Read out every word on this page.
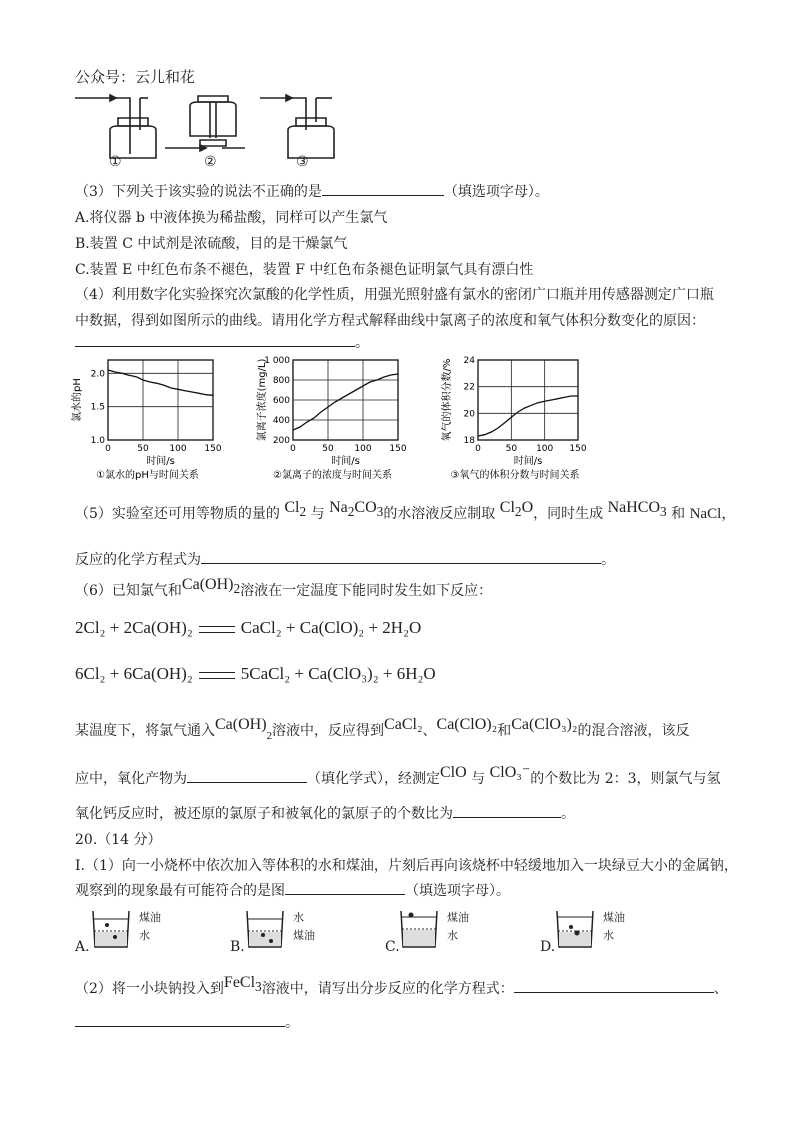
公众号：云儿和花
①	②	③
（3）下列关于该实验的说法不正确的是	（填选项字母）。
A.将仪器 b 中液体换为稀盐酸，同样可以产生氯气
B.装置 C 中试剂是浓硫酸，目的是干燥氯气
C.装置 E 中红色布条不褪色，装置 F 中红色布条褪色证明氯气具有漂白性
（4）利用数字化实验探究次氯酸的化学性质，用强光照射盛有氯水的密闭广口瓶并用传感器测定广口瓶
中数据，得到如图所示的曲线。请用化学方程式解释曲线中氯离子的浓度和氧气体积分数变化的原因：
。
1.0
1.5
2.0
0	50 100 150
时间/s
氯水的pH
①氯水的pH与时间关系
200
400
600
800
1 000
0	50 100 150
时间/s
氯离子浓度(mg/L)
②氯离子的浓度与时间关系
18
20
22
24
0	50 100 150
时间/s
氧气的体积分数/%
③氧气的体积分数与时间关系
（5）实验室还可用等物质的量的 $Cl_2$ 与 $Na_2CO_3$的水溶液反应制取 $Cl_2O$，同时生成 NaHCO$_3$ 和 NaCl，
反应的化学方程式为	。
（6）已知氯气和$Ca(OH)_2$溶液在一定温度下能同时发生如下反应：
2Cl₂ + 2Ca(OH)₂	CaCl₂ + Ca(ClO)₂ + 2H₂O
6Cl₂ + 6Ca(OH)₂	5CaCl₂ + Ca(ClO₃)₂ + 6H₂O
某温度下，将氯气通入$Ca(OH)_2$溶液中，反应得到CaCl₂、Ca(ClO)₂和Ca(ClO₃)₂的混合溶液，该反
应中，氧化产物为	（填化学式），经测定ClO 与 ClO₃⁻的个数比为 2：3，则氯气与氢
氧化钙反应时，被还原的氯原子和被氧化的氯原子的个数比为	。
20.（14 分）
I.（1）向一小烧杯中依次加入等体积的水和煤油，片刻后再向该烧杯中轻缓地加入一块绿豆大小的金属钠，
观察到的现象最有可能符合的是图	（填选项字母）。
A.
煤油
水
B.
水
煤油
C.
煤油
水
D.
煤油
水
（2）将一小块钠投入到FeCl$_3$溶液中，请写出分步反应的化学方程式：	、
。
